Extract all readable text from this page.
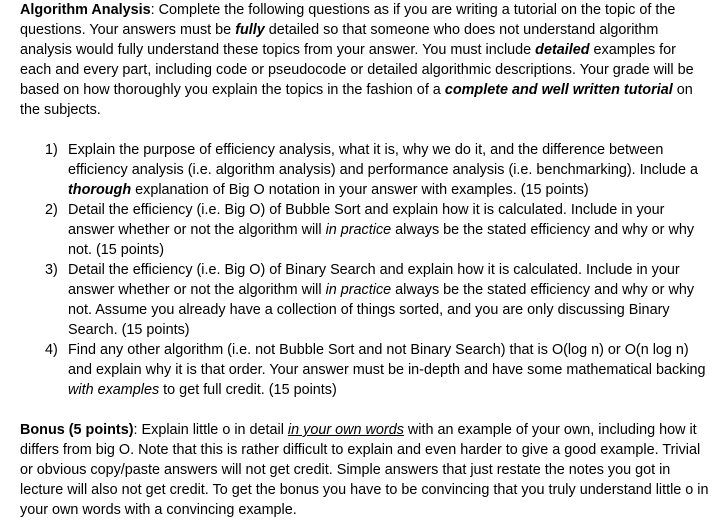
Algorithm Analysis: Complete the following questions as if you are writing a tutorial on the topic of the questions. Your answers must be fully detailed so that someone who does not understand algorithm analysis would fully understand these topics from your answer. You must include detailed examples for each and every part, including code or pseudocode or detailed algorithmic descriptions. Your grade will be based on how thoroughly you explain the topics in the fashion of a complete and well written tutorial on the subjects.

1) Explain the purpose of efficiency analysis, what it is, why we do it, and the difference between efficiency analysis (i.e. algorithm analysis) and performance analysis (i.e. benchmarking). Include a thorough explanation of Big O notation in your answer with examples. (15 points)
2) Detail the efficiency (i.e. Big O) of Bubble Sort and explain how it is calculated. Include in your answer whether or not the algorithm will in practice always be the stated efficiency and why or why not. (15 points)
3) Detail the efficiency (i.e. Big O) of Binary Search and explain how it is calculated. Include in your answer whether or not the algorithm will in practice always be the stated efficiency and why or why not. Assume you already have a collection of things sorted, and you are only discussing Binary Search. (15 points)
4) Find any other algorithm (i.e. not Bubble Sort and not Binary Search) that is O(log n) or O(n log n) and explain why it is that order. Your answer must be in-depth and have some mathematical backing with examples to get full credit. (15 points)

Bonus (5 points): Explain little o in detail in your own words with an example of your own, including how it differs from big O. Note that this is rather difficult to explain and even harder to give a good example. Trivial or obvious copy/paste answers will not get credit. Simple answers that just restate the notes you got in lecture will also not get credit. To get the bonus you have to be convincing that you truly understand little o in your own words with a convincing example.
